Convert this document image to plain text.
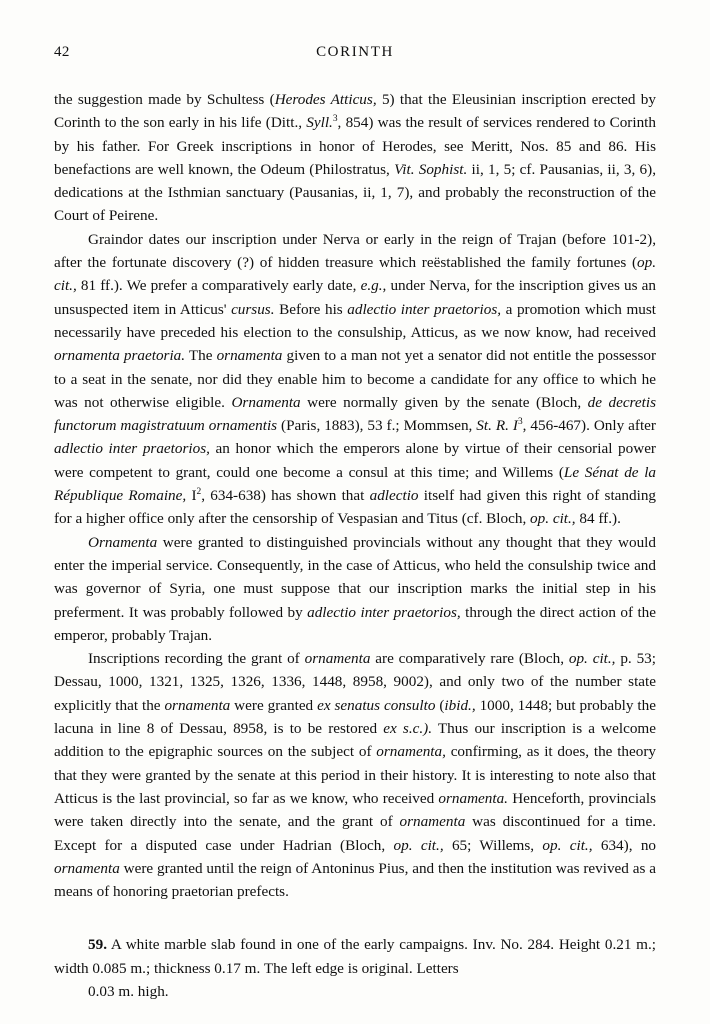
42	CORINTH

the suggestion made by Schultess (Herodes Atticus, 5) that the Eleusinian inscription erected by Corinth to the son early in his life (Ditt., Syll.$^3$, 854) was the result of services rendered to Corinth by his father. For Greek inscriptions in honor of Herodes, see Meritt, Nos. 85 and 86. His benefactions are well known, the Odeum (Philostratus, Vit. Sophist. ii, 1, 5; cf. Pausanias, ii, 3, 6), dedications at the Isthmian sanctuary (Pausanias, ii, 1, 7), and probably the reconstruction of the Court of Peirene.

Graindor dates our inscription under Nerva or early in the reign of Trajan (before 101-2), after the fortunate discovery (?) of hidden treasure which reëstablished the family fortunes (op. cit., 81 ff.). We prefer a comparatively early date, e.g., under Nerva, for the inscription gives us an unsuspected item in Atticus' cursus. Before his adlectio inter praetorios, a promotion which must necessarily have preceded his election to the consulship, Atticus, as we now know, had received ornamenta praetoria. The ornamenta given to a man not yet a senator did not entitle the possessor to a seat in the senate, nor did they enable him to become a candidate for any office to which he was not otherwise eligible. Ornamenta were normally given by the senate (Bloch, de decretis functorum magistratuum ornamentis (Paris, 1883), 53 f.; Mommsen, St. R. $I^3$, 456-467). Only after adlectio inter praetorios, an honor which the emperors alone by virtue of their censorial power were competent to grant, could one become a consul at this time; and Willems (Le Sénat de la République Romaine, $I^2$, 634-638) has shown that adlectio itself had given this right of standing for a higher office only after the censorship of Vespasian and Titus (cf. Bloch, op. cit., 84 ff.).

Ornamenta were granted to distinguished provincials without any thought that they would enter the imperial service. Consequently, in the case of Atticus, who held the consulship twice and was governor of Syria, one must suppose that our inscription marks the initial step in his preferment. It was probably followed by adlectio inter praetorios, through the direct action of the emperor, probably Trajan.

Inscriptions recording the grant of ornamenta are comparatively rare (Bloch, op. cit., p. 53; Dessau, 1000, 1321, 1325, 1326, 1336, 1448, 8958, 9002), and only two of the number state explicitly that the ornamenta were granted ex senatus consulto (ibid., 1000, 1448; but probably the lacuna in line 8 of Dessau, 8958, is to be restored ex s.c.). Thus our inscription is a welcome addition to the epigraphic sources on the subject of ornamenta, confirming, as it does, the theory that they were granted by the senate at this period in their history. It is interesting to note also that Atticus is the last provincial, so far as we know, who received ornamenta. Henceforth, provincials were taken directly into the senate, and the grant of ornamenta was discontinued for a time. Except for a disputed case under Hadrian (Bloch, op. cit., 65; Willems, op. cit., 634), no ornamenta were granted until the reign of Antoninus Pius, and then the institution was revived as a means of honoring praetorian prefects.

59. A white marble slab found in one of the early campaigns. Inv. No. 284. Height 0.21 m.; width 0.085 m.; thickness 0.17 m. The left edge is original. Letters
0.03 m. high.
